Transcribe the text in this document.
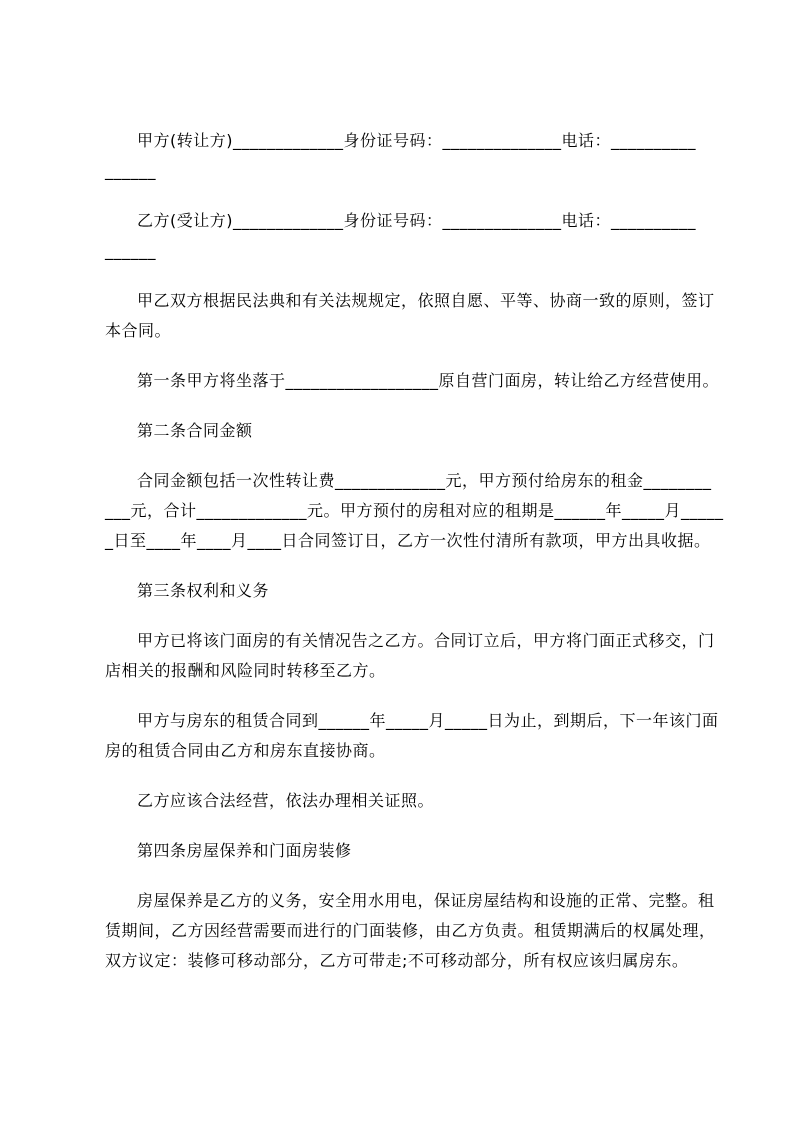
甲方(转让方)_____________身份证号码：______________电话：__________
______
乙方(受让方)_____________身份证号码：______________电话：__________
______
甲乙双方根据民法典和有关法规规定，依照自愿、平等、协商一致的原则，签订
本合同。
第一条甲方将坐落于__________________原自营门面房，转让给乙方经营使用。
第二条合同金额
合同金额包括一次性转让费_____________元，甲方预付给房东的租金________
___元，合计_____________元。甲方预付的房租对应的租期是______年_____月_____
_日至____年____月____日合同签订日，乙方一次性付清所有款项，甲方出具收据。
第三条权利和义务
甲方已将该门面房的有关情况告之乙方。合同订立后，甲方将门面正式移交，门
店相关的报酬和风险同时转移至乙方。
甲方与房东的租赁合同到______年_____月_____日为止，到期后，下一年该门面
房的租赁合同由乙方和房东直接协商。
乙方应该合法经营，依法办理相关证照。
第四条房屋保养和门面房装修
房屋保养是乙方的义务，安全用水用电，保证房屋结构和设施的正常、完整。租
赁期间，乙方因经营需要而进行的门面装修，由乙方负责。租赁期满后的权属处理，
双方议定：装修可移动部分，乙方可带走;不可移动部分，所有权应该归属房东。
